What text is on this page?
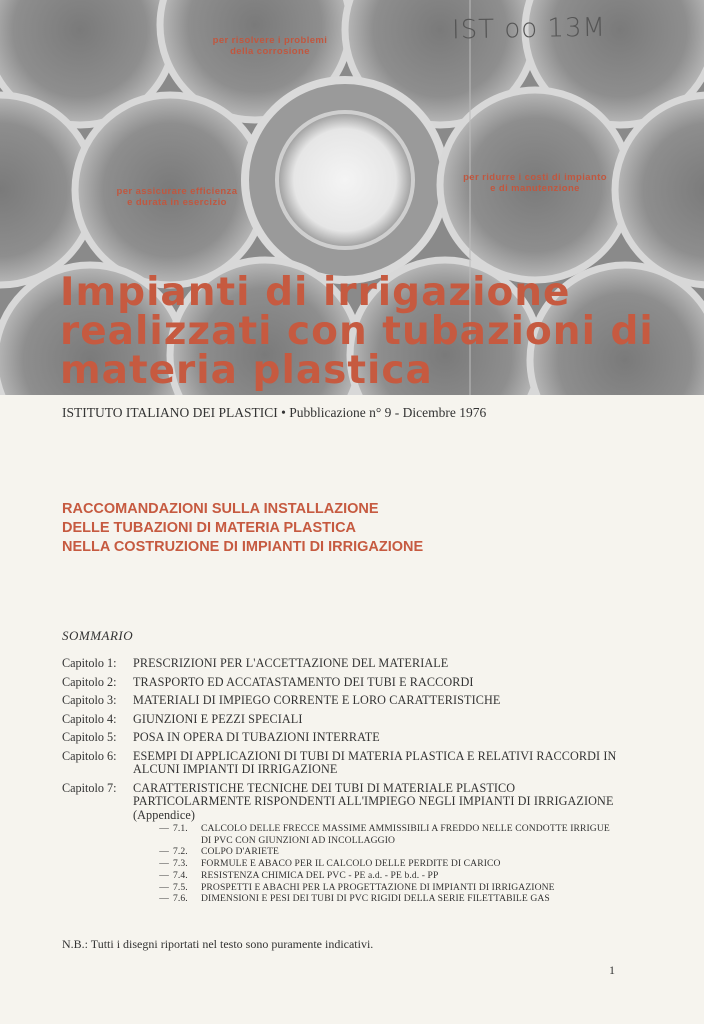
IST oo 13M
per risolvere i problemi
della corrosione
per assicurare efficienza
e durata in esercizio
per ridurre i costi di impianto
e di manutenzione
Impianti di irrigazione
realizzati con tubazioni di
materia plastica
ISTITUTO ITALIANO DEI PLASTICI • Pubblicazione n° 9 - Dicembre 1976
RACCOMANDAZIONI SULLA INSTALLAZIONE
DELLE TUBAZIONI DI MATERIA PLASTICA
NELLA COSTRUZIONE DI IMPIANTI DI IRRIGAZIONE
SOMMARIO
Capitolo 1:	PRESCRIZIONI PER L'ACCETTAZIONE DEL MATERIALE
Capitolo 2:	TRASPORTO ED ACCATASTAMENTO DEI TUBI E RACCORDI
Capitolo 3:	MATERIALI DI IMPIEGO CORRENTE E LORO CARATTERISTICHE
Capitolo 4:	GIUNZIONI E PEZZI SPECIALI
Capitolo 5:	POSA IN OPERA DI TUBAZIONI INTERRATE
Capitolo 6:	ESEMPI DI APPLICAZIONI DI TUBI DI MATERIA PLASTICA E RELATIVI RACCORDI IN ALCUNI IMPIANTI DI IRRIGAZIONE
Capitolo 7:	CARATTERISTICHE TECNICHE DEI TUBI DI MATERIALE PLASTICO PARTICOLARMENTE RISPONDENTI ALL'IMPIEGO NEGLI IMPIANTI DI IRRIGAZIONE (Appendice)
— 7.1.	CALCOLO DELLE FRECCE MASSIME AMMISSIBILI A FREDDO NELLE CONDOTTE IRRIGUE DI PVC CON GIUNZIONI AD INCOLLAGGIO
— 7.2.	COLPO D'ARIETE
— 7.3.	FORMULE E ABACO PER IL CALCOLO DELLE PERDITE DI CARICO
— 7.4.	RESISTENZA CHIMICA DEL PVC - PE a.d. - PE b.d. - PP
— 7.5.	PROSPETTI E ABACHI PER LA PROGETTAZIONE DI IMPIANTI DI IRRIGAZIONE
— 7.6.	DIMENSIONI E PESI DEI TUBI DI PVC RIGIDI DELLA SERIE FILETTABILE GAS
N.B.: Tutti i disegni riportati nel testo sono puramente indicativi.
1
